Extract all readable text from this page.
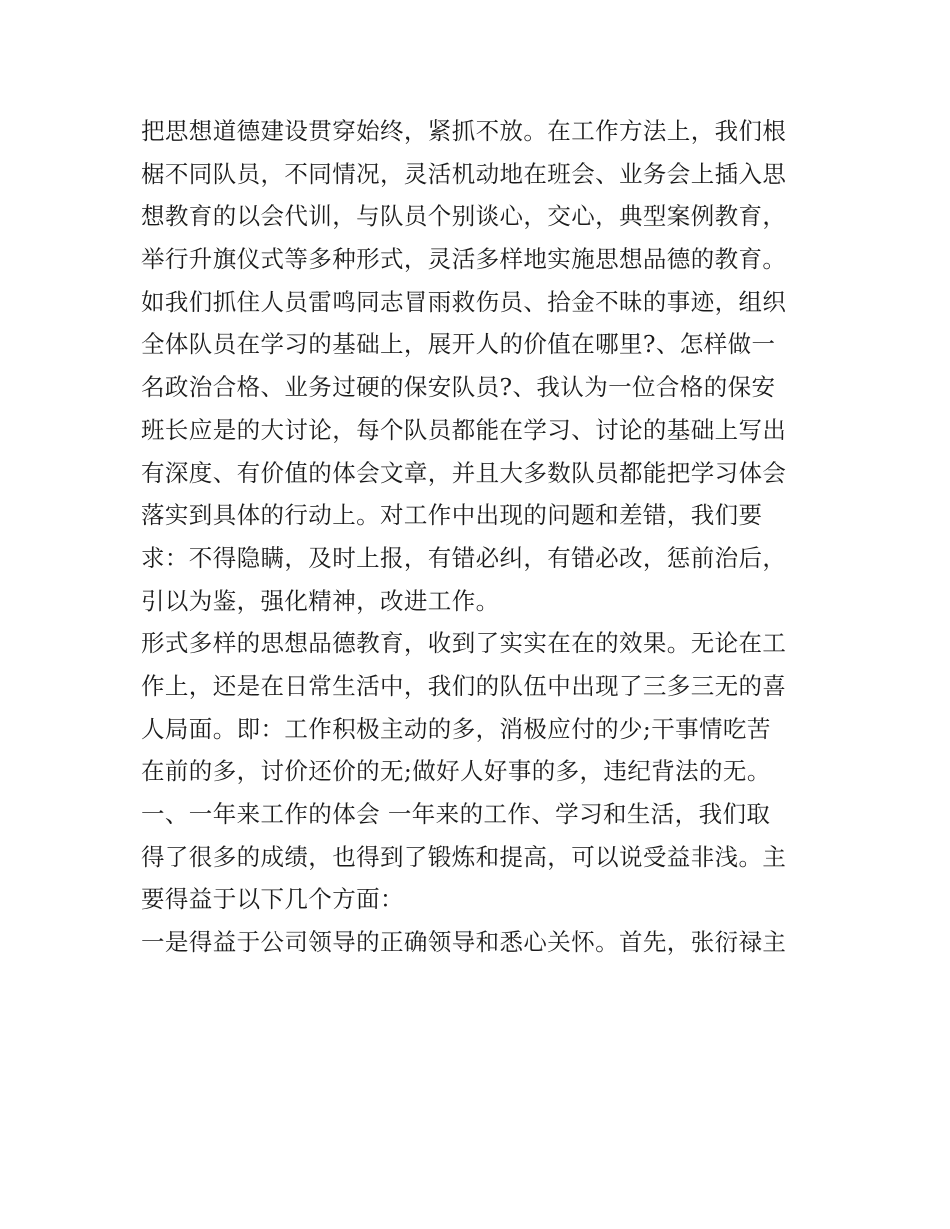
把思想道德建设贯穿始终，紧抓不放。在工作方法上，我们根
椐不同队员，不同情况，灵活机动地在班会、业务会上插入思
想教育的以会代训，与队员个别谈心，交心，典型案例教育，
举行升旗仪式等多种形式，灵活多样地实施思想品德的教育。
如我们抓住人员雷鸣同志冒雨救伤员、拾金不昧的事迹，组织
全体队员在学习的基础上，展开人的价值在哪里?、怎样做一
名政治合格、业务过硬的保安队员?、我认为一位合格的保安
班长应是的大讨论，每个队员都能在学习、讨论的基础上写出
有深度、有价值的体会文章，并且大多数队员都能把学习体会
落实到具体的行动上。对工作中出现的问题和差错，我们要
求：不得隐瞒，及时上报，有错必纠，有错必改，惩前治后，
引以为鉴，强化精神，改进工作。
形式多样的思想品德教育，收到了实实在在的效果。无论在工
作上，还是在日常生活中，我们的队伍中出现了三多三无的喜
人局面。即：工作积极主动的多，消极应付的少;干事情吃苦
在前的多，讨价还价的无;做好人好事的多，违纪背法的无。
一、一年来工作的体会 一年来的工作、学习和生活，我们取
得了很多的成绩，也得到了锻炼和提高，可以说受益非浅。主
要得益于以下几个方面：
一是得益于公司领导的正确领导和悉心关怀。首先，张衍禄主
